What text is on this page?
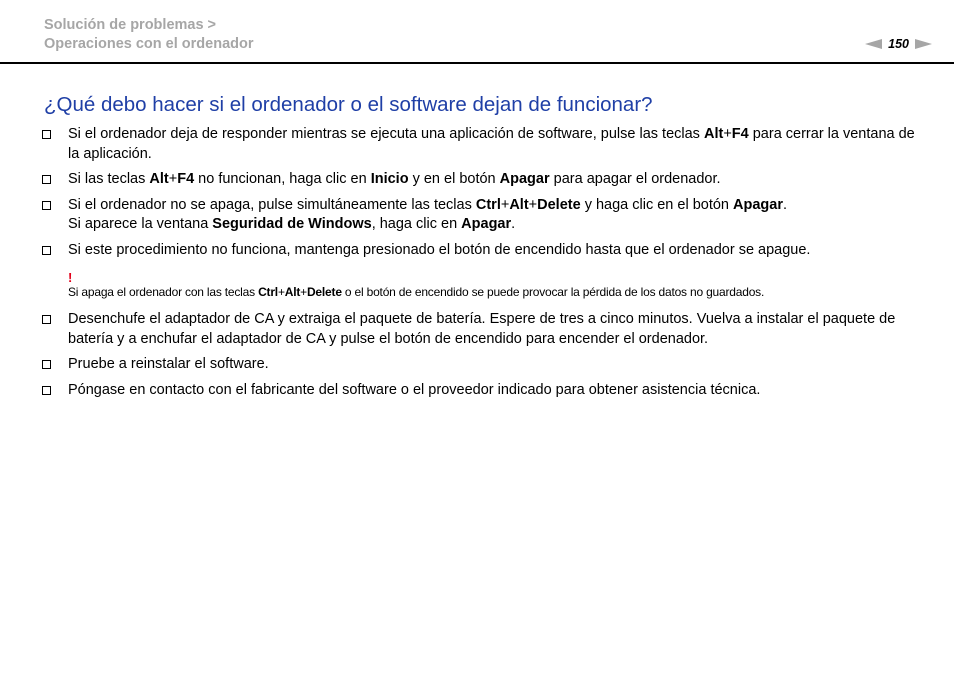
Solución de problemas >
Operaciones con el ordenador	150
¿Qué debo hacer si el ordenador o el software dejan de funcionar?
Si el ordenador deja de responder mientras se ejecuta una aplicación de software, pulse las teclas Alt+F4 para cerrar la ventana de la aplicación.
Si las teclas Alt+F4 no funcionan, haga clic en Inicio y en el botón Apagar para apagar el ordenador.
Si el ordenador no se apaga, pulse simultáneamente las teclas Ctrl+Alt+Delete y haga clic en el botón Apagar.
Si aparece la ventana Seguridad de Windows, haga clic en Apagar.
Si este procedimiento no funciona, mantenga presionado el botón de encendido hasta que el ordenador se apague.
!
Si apaga el ordenador con las teclas Ctrl+Alt+Delete o el botón de encendido se puede provocar la pérdida de los datos no guardados.
Desenchufe el adaptador de CA y extraiga el paquete de batería. Espere de tres a cinco minutos. Vuelva a instalar el paquete de batería y a enchufar el adaptador de CA y pulse el botón de encendido para encender el ordenador.
Pruebe a reinstalar el software.
Póngase en contacto con el fabricante del software o el proveedor indicado para obtener asistencia técnica.
